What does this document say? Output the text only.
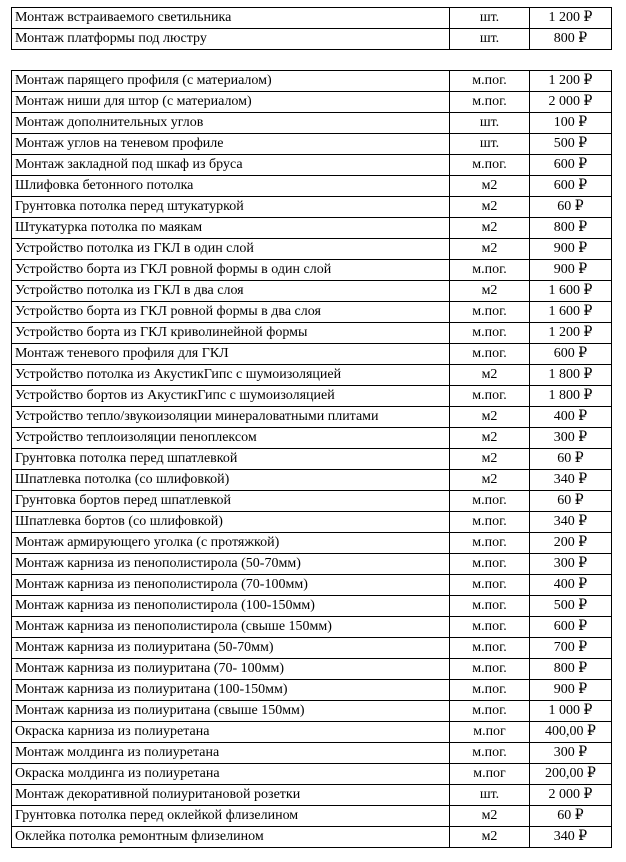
Монтаж встраиваемого светильника	шт.	1 200 ₽
Монтаж платформы под люстру	шт.	800 ₽
Монтаж парящего профиля (с материалом)	м.пог.	1 200 ₽
Монтаж ниши для штор (с материалом)	м.пог.	2 000 ₽
Монтаж дополнительных углов	шт.	100 ₽
Монтаж углов на теневом профиле	шт.	500 ₽
Монтаж закладной под шкаф из бруса	м.пог.	600 ₽
Шлифовка бетонного потолка	м2	600 ₽
Грунтовка потолка перед штукатуркой	м2	60 ₽
Штукатурка потолка по маякам	м2	800 ₽
Устройство потолка из ГКЛ в один слой	м2	900 ₽
Устройство борта из ГКЛ ровной формы в один слой	м.пог.	900 ₽
Устройство потолка из ГКЛ в два слоя	м2	1 600 ₽
Устройство борта из ГКЛ ровной формы в два слоя	м.пог.	1 600 ₽
Устройство борта из ГКЛ криволинейной формы	м.пог.	1 200 ₽
Монтаж теневого профиля для ГКЛ	м.пог.	600 ₽
Устройство потолка из АкустикГипс с шумоизоляцией	м2	1 800 ₽
Устройство бортов из АкустикГипс с шумоизоляцией	м.пог.	1 800 ₽
Устройство тепло/звукоизоляции минераловатными плитами	м2	400 ₽
Устройство теплоизоляции пеноплексом	м2	300 ₽
Грунтовка потолка перед шпатлевкой	м2	60 ₽
Шпатлевка потолка (со шлифовкой)	м2	340 ₽
Грунтовка бортов перед шпатлевкой	м.пог.	60 ₽
Шпатлевка бортов (со шлифовкой)	м.пог.	340 ₽
Монтаж армирующего уголка (с протяжкой)	м.пог.	200 ₽
Монтаж карниза из пенополистирола (50-70мм)	м.пог.	300 ₽
Монтаж карниза из пенополистирола (70-100мм)	м.пог.	400 ₽
Монтаж карниза из пенополистирола (100-150мм)	м.пог.	500 ₽
Монтаж карниза из пенополистирола (свыше 150мм)	м.пог.	600 ₽
Монтаж карниза из полиуритана (50-70мм)	м.пог.	700 ₽
Монтаж карниза из полиуритана (70- 100мм)	м.пог.	800 ₽
Монтаж карниза из полиуритана (100-150мм)	м.пог.	900 ₽
Монтаж карниза из полиуритана (свыше 150мм)	м.пог.	1 000 ₽
Окраска карниза из полиуретана	м.пог	400,00 ₽
Монтаж молдинга из полиуретана	м.пог.	300 ₽
Окраска молдинга из полиуретана	м.пог	200,00 ₽
Монтаж декоративной полиуритановой розетки	шт.	2 000 ₽
Грунтовка потолка перед оклейкой флизелином	м2	60 ₽
Оклейка потолка ремонтным флизелином	м2	340 ₽
